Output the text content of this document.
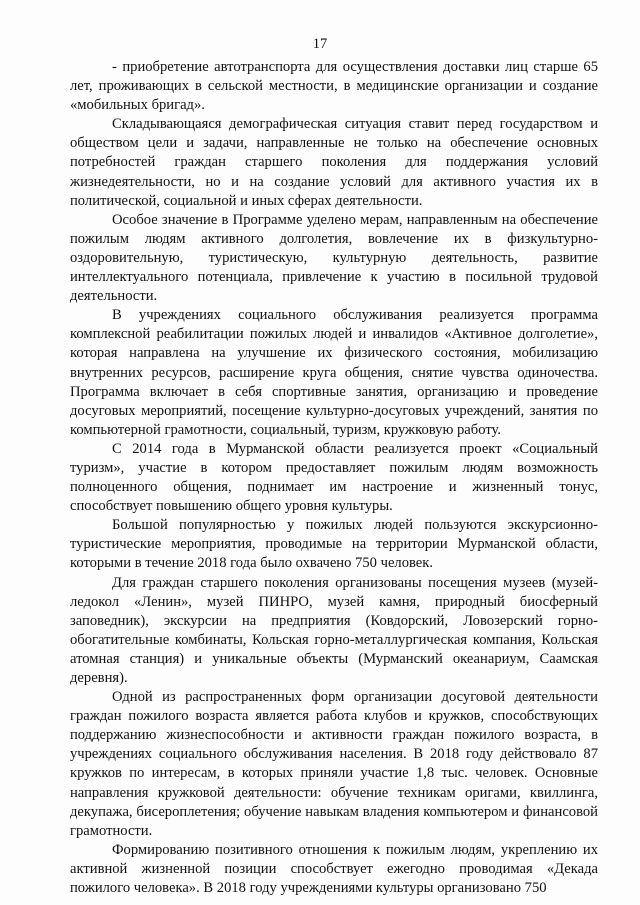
17

- приобретение автотранспорта для осуществления доставки лиц старше 65 лет, проживающих в сельской местности, в медицинские организации и создание «мобильных бригад».

Складывающаяся демографическая ситуация ставит перед государством и обществом цели и задачи, направленные не только на обеспечение основных потребностей граждан старшего поколения для поддержания условий жизнедеятельности, но и на создание условий для активного участия их в политической, социальной и иных сферах деятельности.

Особое значение в Программе уделено мерам, направленным на обеспечение пожилым людям активного долголетия, вовлечение их в физкультурно-оздоровительную, туристическую, культурную деятельность, развитие интеллектуального потенциала, привлечение к участию в посильной трудовой деятельности.

В учреждениях социального обслуживания реализуется программа комплексной реабилитации пожилых людей и инвалидов «Активное долголетие», которая направлена на улучшение их физического состояния, мобилизацию внутренних ресурсов, расширение круга общения, снятие чувства одиночества. Программа включает в себя спортивные занятия, организацию и проведение досуговых мероприятий, посещение культурно-досуговых учреждений, занятия по компьютерной грамотности, социальный, туризм, кружковую работу.

С 2014 года в Мурманской области реализуется проект «Социальный туризм», участие в котором предоставляет пожилым людям возможность полноценного общения, поднимает им настроение и жизненный тонус, способствует повышению общего уровня культуры.

Большой популярностью у пожилых людей пользуются экскурсионно-туристические мероприятия, проводимые на территории Мурманской области, которыми в течение 2018 года было охвачено 750 человек.

Для граждан старшего поколения организованы посещения музеев (музей-ледокол «Ленин», музей ПИНРО, музей камня, природный биосферный заповедник), экскурсии на предприятия (Ковдорский, Ловозерский горно-обогатительные комбинаты, Кольская горно-металлургическая компания, Кольская атомная станция) и уникальные объекты (Мурманский океанариум, Саамская деревня).

Одной из распространенных форм организации досуговой деятельности граждан пожилого возраста является работа клубов и кружков, способствующих поддержанию жизнеспособности и активности граждан пожилого возраста, в учреждениях социального обслуживания населения. В 2018 году действовало 87 кружков по интересам, в которых приняли участие 1,8 тыс. человек. Основные направления кружковой деятельности: обучение техникам оригами, квиллинга, декупажа, бисероплетения; обучение навыкам владения компьютером и финансовой грамотности.

Формированию позитивного отношения к пожилым людям, укреплению их активной жизненной позиции способствует ежегодно проводимая «Декада пожилого человека». В 2018 году учреждениями культуры организовано 750
